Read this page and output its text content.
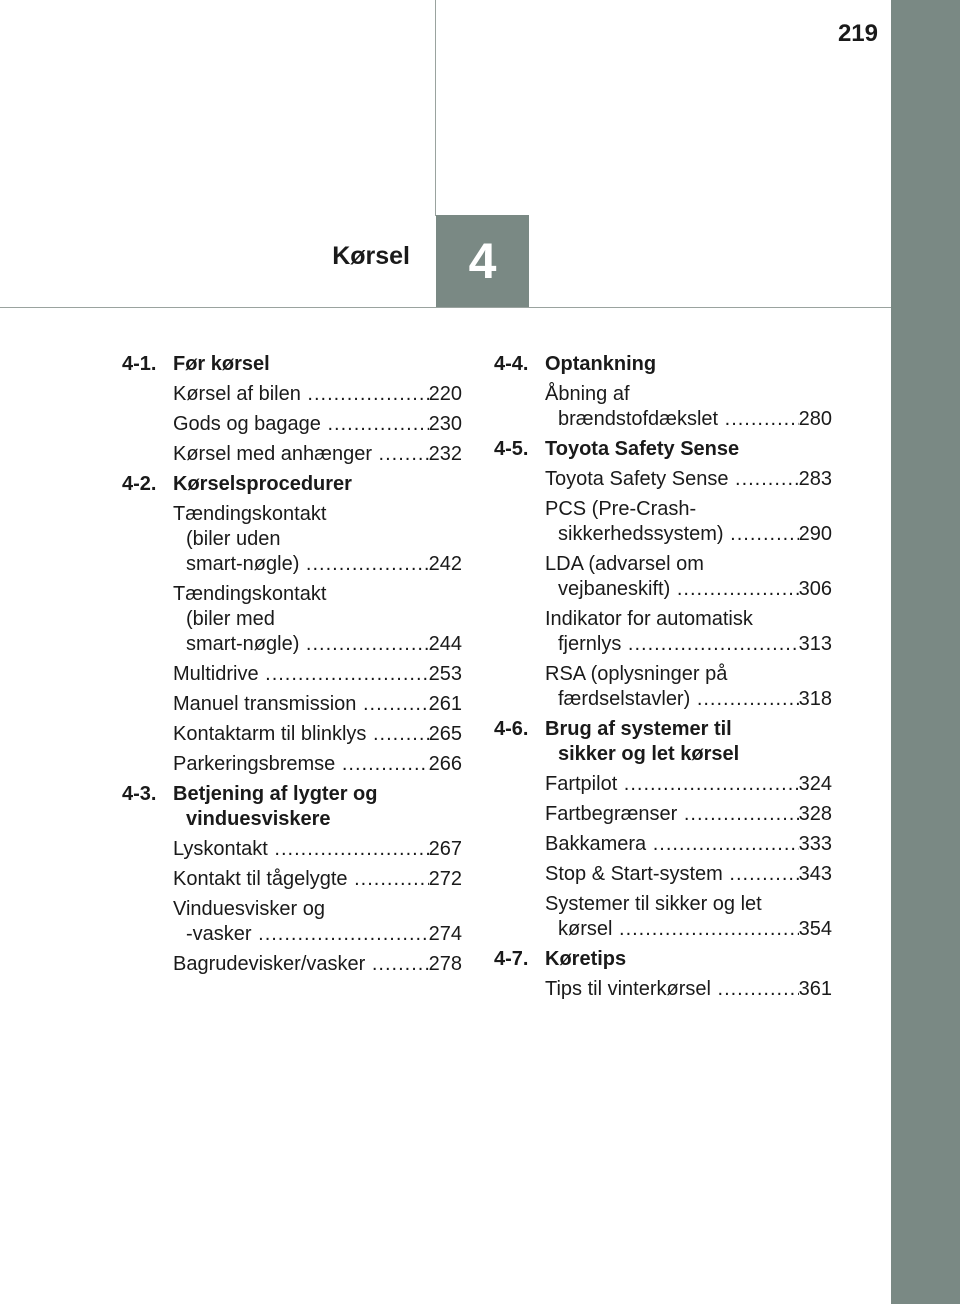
219
4
Kørsel
4-1. Før kørsel
Kørsel af bilen .....	220
Gods og bagage .....	230
Kørsel med anhænger .....	232
4-2. Kørselsprocedurer
Tændingskontakt
(biler uden
smart-nøgle) .....	242
Tændingskontakt
(biler med
smart-nøgle) .....	244
Multidrive .....	253
Manuel transmission .....	261
Kontaktarm til blinklys .....	265
Parkeringsbremse .....	266
4-3. Betjening af lygter og
vinduesviskere
Lyskontakt .....	267
Kontakt til tågelygte .....	272
Vinduesvisker og
-vasker .....	274
Bagrudevisker/vasker .....	278
4-4. Optankning
Åbning af
brændstofdækslet .....	280
4-5. Toyota Safety Sense
Toyota Safety Sense .....	283
PCS (Pre-Crash-
sikkerhedssystem) .....	290
LDA (advarsel om
vejbaneskift) .....	306
Indikator for automatisk
fjernlys .....	313
RSA (oplysninger på
færdselstavler) .....	318
4-6. Brug af systemer til
sikker og let kørsel
Fartpilot .....	324
Fartbegrænser .....	328
Bakkamera .....	333
Stop & Start-system .....	343
Systemer til sikker og let
kørsel .....	354
4-7. Køretips
Tips til vinterkørsel .....	361
